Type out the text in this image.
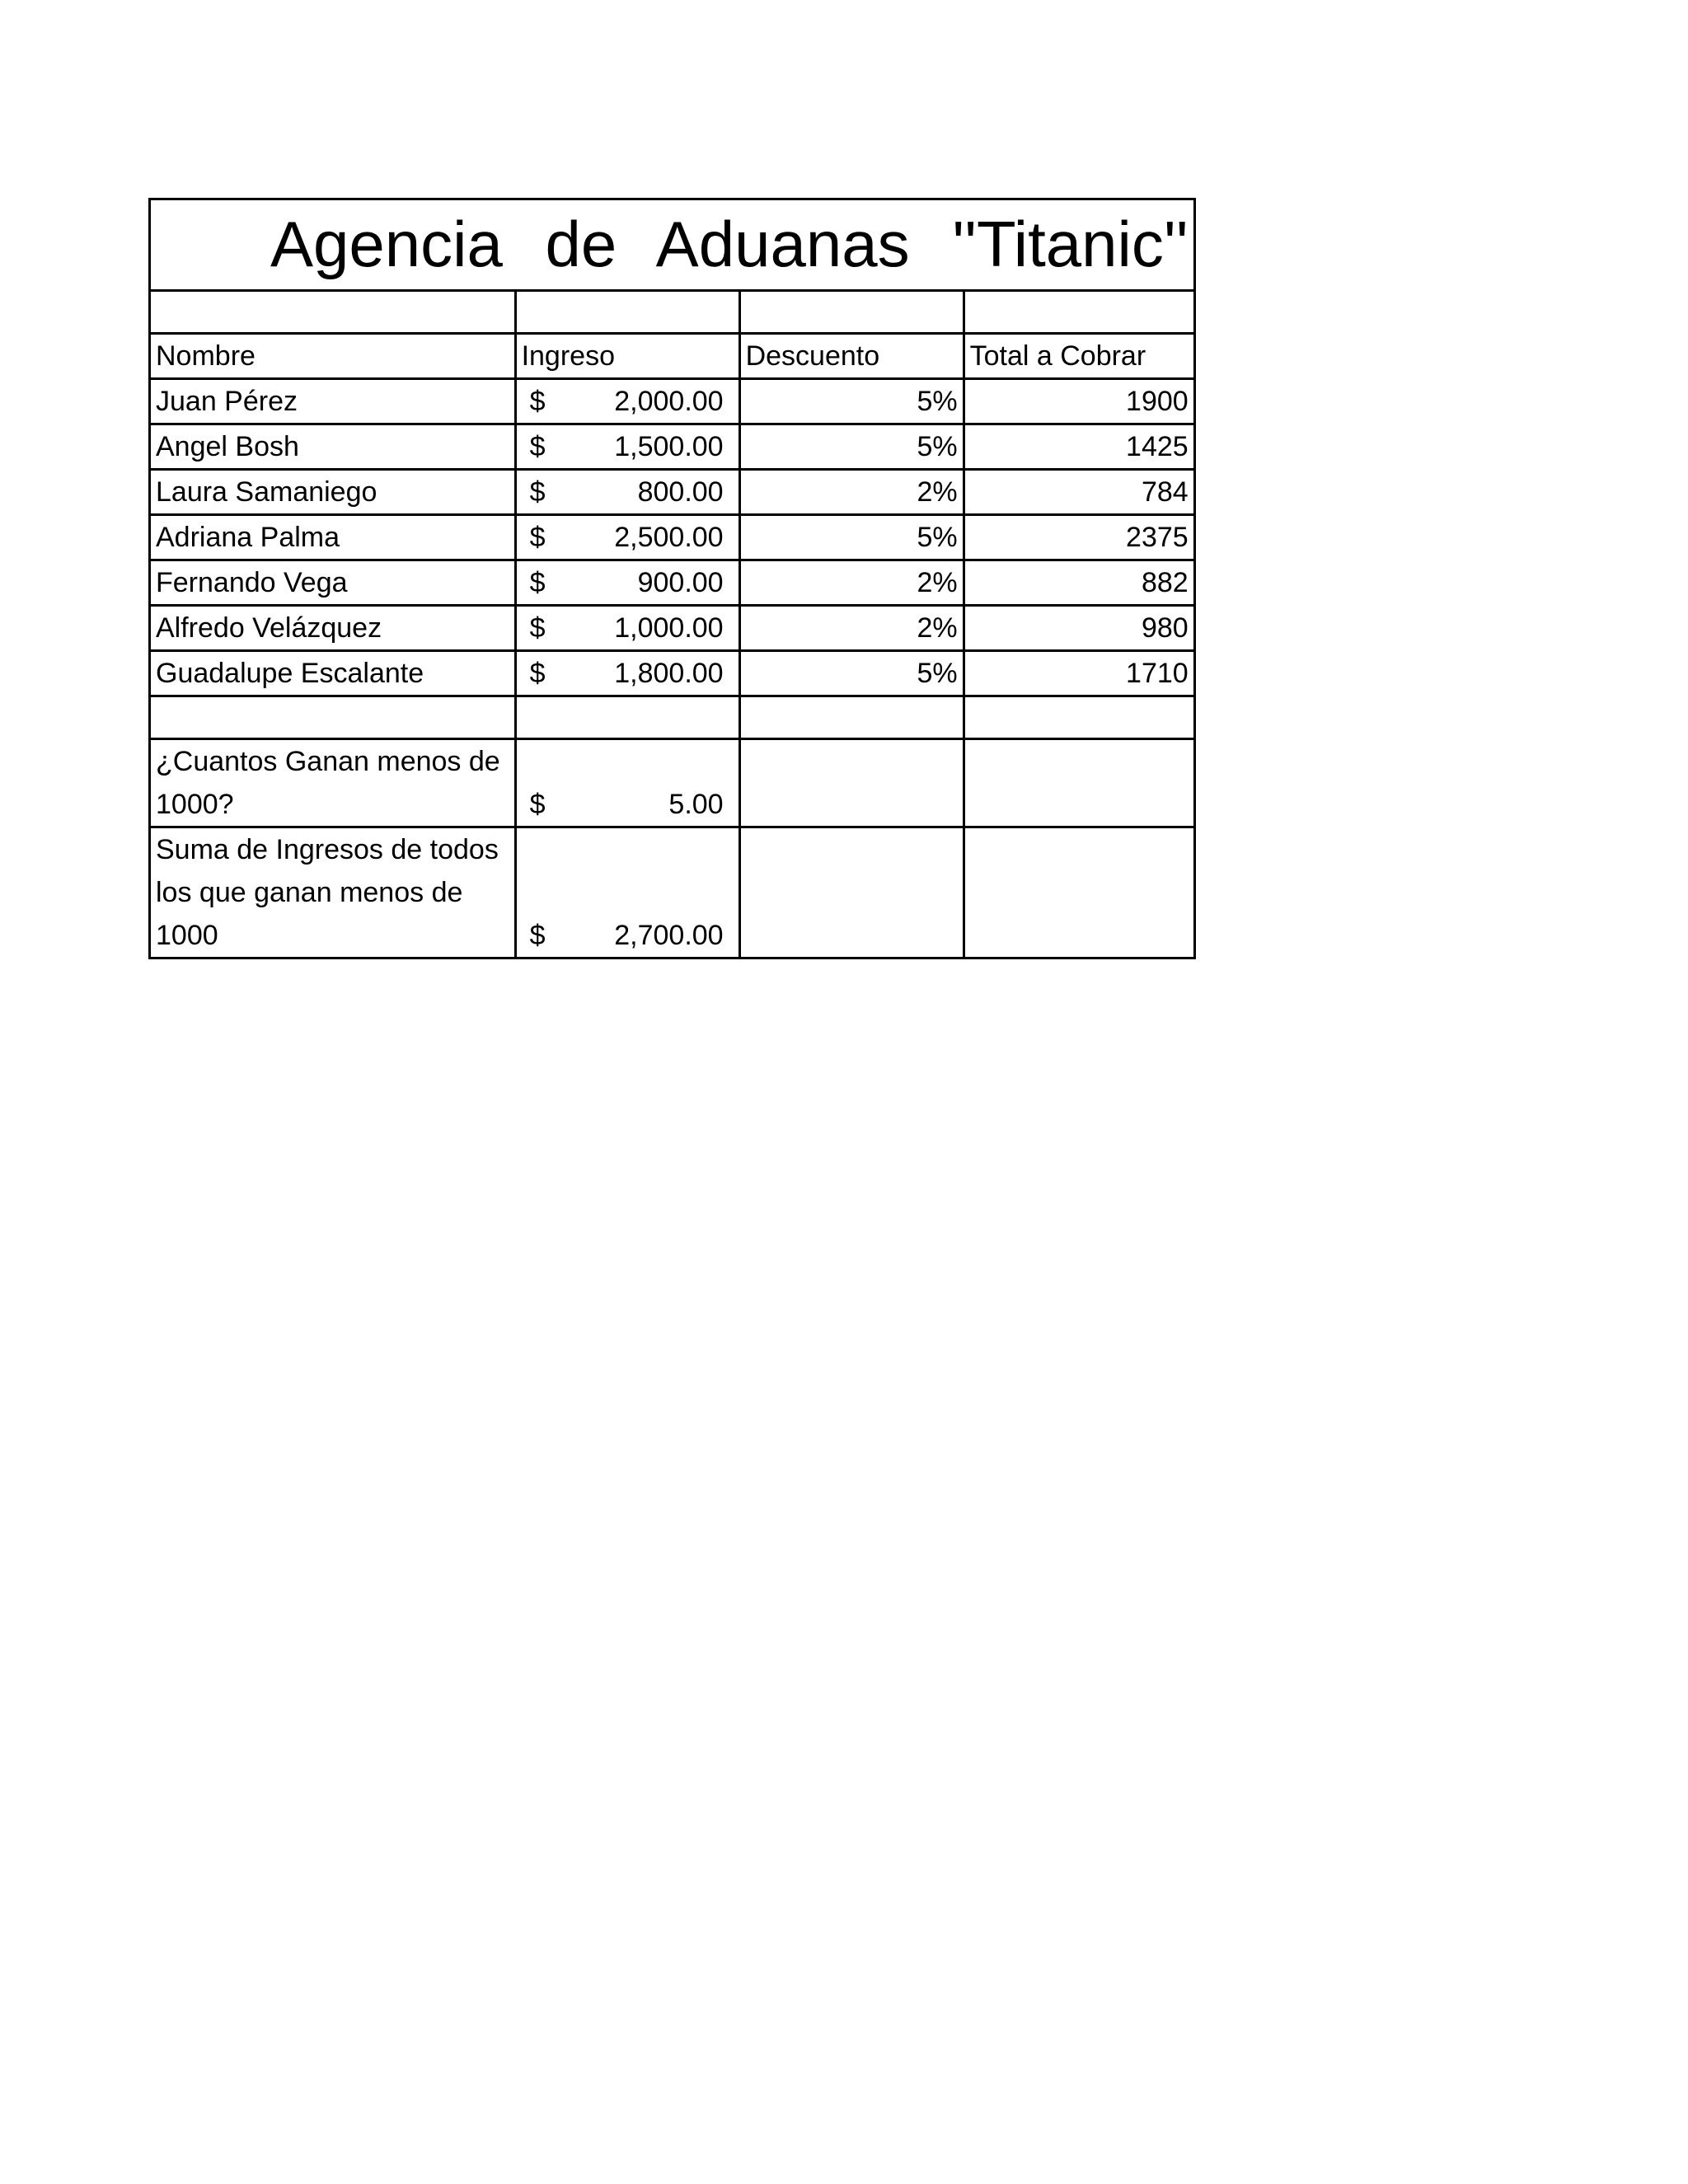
Agencia de Aduanas ''Titanic''			

Nombre	Ingreso	Descuento	Total a Cobrar
Juan Pérez	$ 2,000.00	5%	1900
Angel Bosh	$ 1,500.00	5%	1425
Laura Samaniego	$ 800.00	2%	784
Adriana Palma	$ 2,500.00	5%	2375
Fernando Vega	$ 900.00	2%	882
Alfredo Velázquez	$ 1,000.00	2%	980
Guadalupe Escalante	$ 1,800.00	5%	1710

¿Cuantos Ganan menos de 1000?	$ 5.00		

Suma de Ingresos de todos los que ganan menos de 1000	$ 2,700.00		
